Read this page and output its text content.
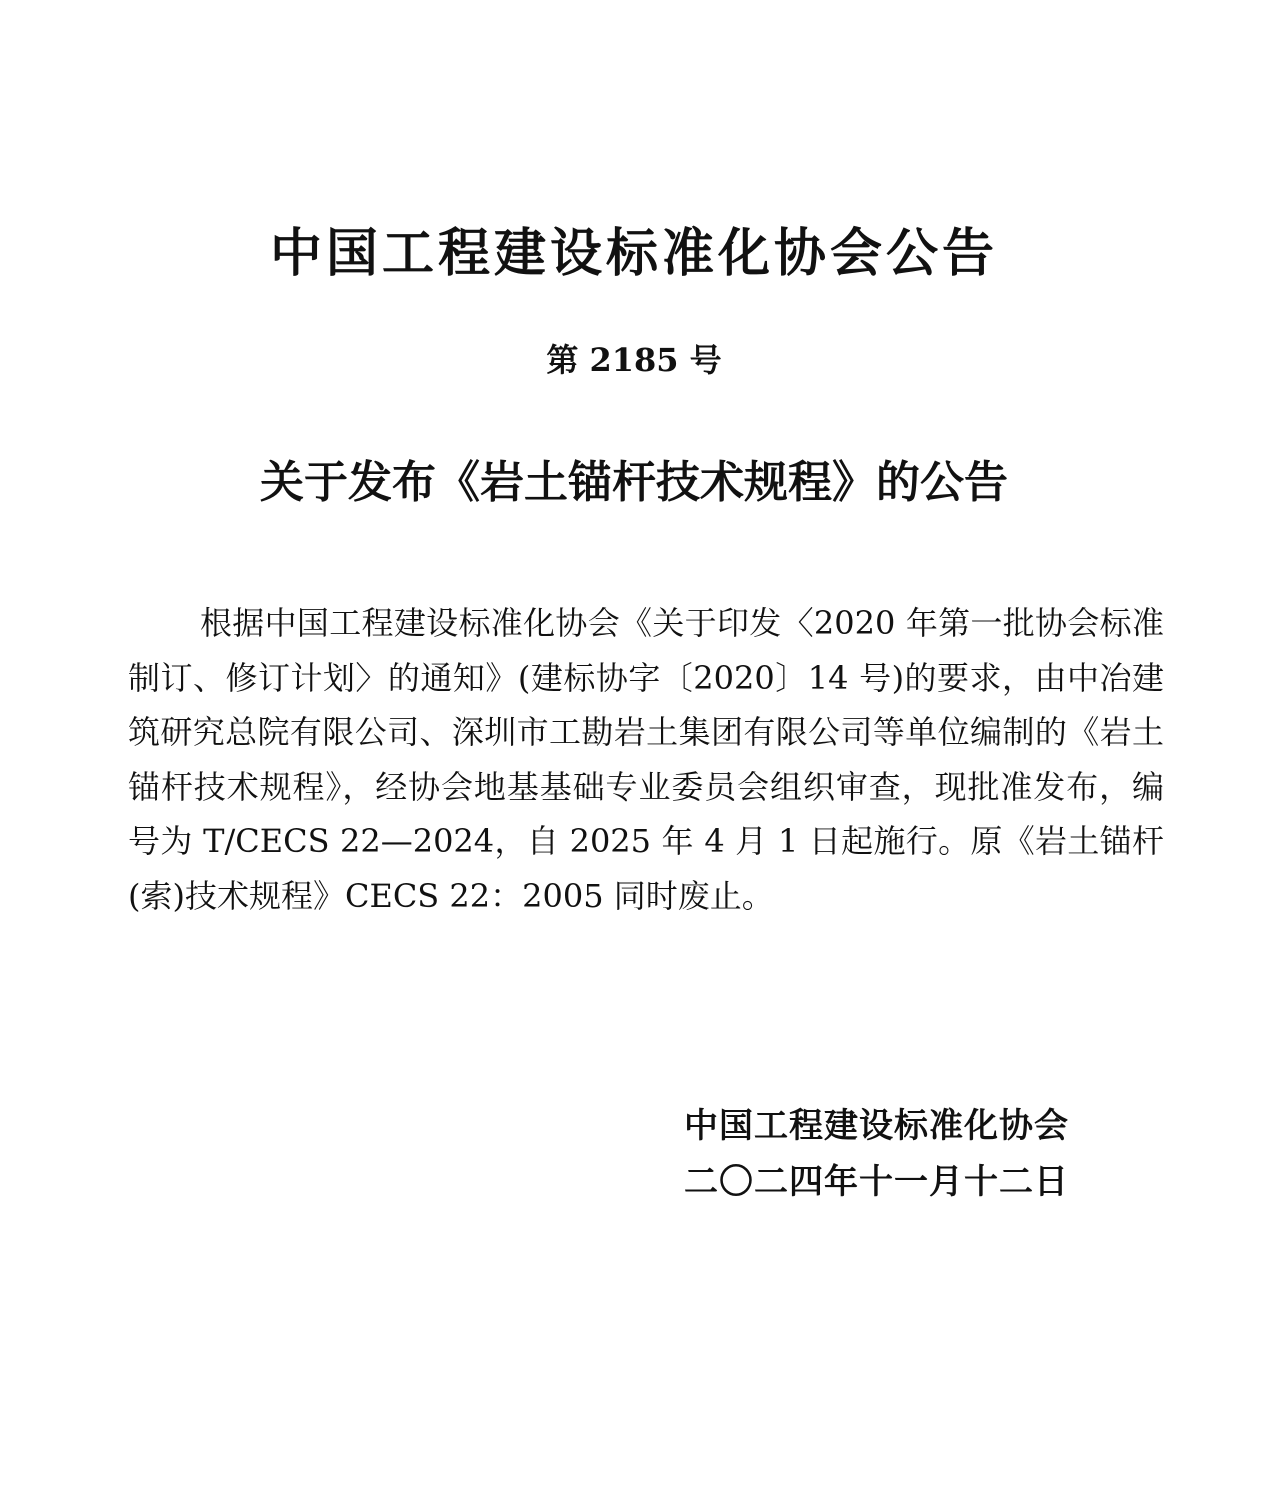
中国工程建设标准化协会公告
第 2185 号
关于发布《岩土锚杆技术规程》的公告

根据中国工程建设标准化协会《关于印发〈2020 年第一批协会标准制订、修订计划〉的通知》(建标协字〔2020〕14 号)的要求，由中冶建筑研究总院有限公司、深圳市工勘岩土集团有限公司等单位编制的《岩土锚杆技术规程》，经协会地基基础专业委员会组织审查，现批准发布，编号为 T/CECS 22—2024，自 2025 年 4 月 1 日起施行。原《岩土锚杆(索)技术规程》CECS 22：2005 同时废止。

中国工程建设标准化协会
二〇二四年十一月十二日
